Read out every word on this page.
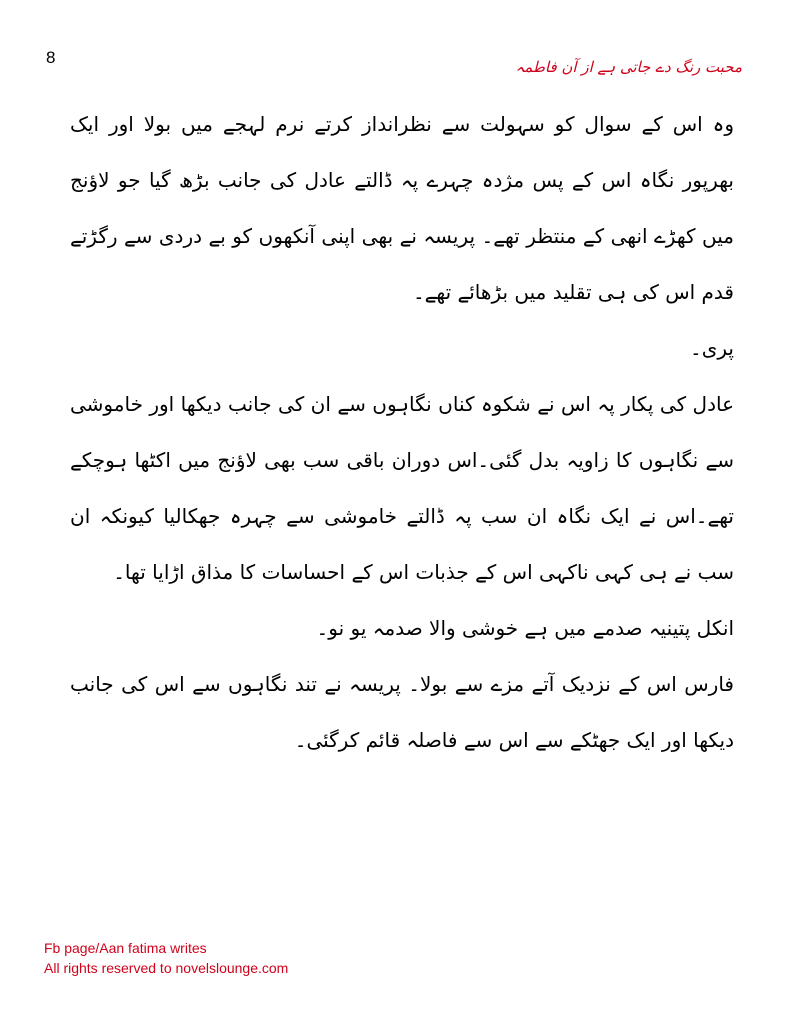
8	محبت رنگ دے جاتی ہے از آن فاطمہ

وہ اس کے سوال کو سہولت سے نظرانداز کرتے نرم لہجے میں بولا اور ایک بھرپور نگاہ اس کے پس مژدہ چہرے پہ ڈالتے عادل کی جانب بڑھ گیا جو لاؤنج میں کھڑے انھی کے منتظر تھے۔ پریسہ نے بھی اپنی آنکھوں کو بے دردی سے رگڑتے قدم اس کی ہی تقلید میں بڑھائے تھے۔

پری۔

عادل کی پکار پہ اس نے شکوہ کناں نگاہوں سے ان کی جانب دیکھا اور خاموشی سے نگاہوں کا زاویہ بدل گئی۔اس دوران باقی سب بھی لاؤنج میں اکٹھا ہوچکے تھے۔اس نے ایک نگاہ ان سب پہ ڈالتے خاموشی سے چہرہ جھکالیا کیونکہ ان سب نے ہی کہی ناکہی اس کے جذبات اس کے احساسات کا مذاق اڑایا تھا۔

انکل پتینیہ صدمے میں ہے خوشی والا صدمہ یو نو۔

فارس اس کے نزدیک آتے مزے سے بولا۔ پریسہ نے تند نگاہوں سے اس کی جانب دیکھا اور ایک جھٹکے سے اس سے فاصلہ قائم کرگئی۔

Fb page/Aan fatima writes
All rights reserved to novelslounge.com
